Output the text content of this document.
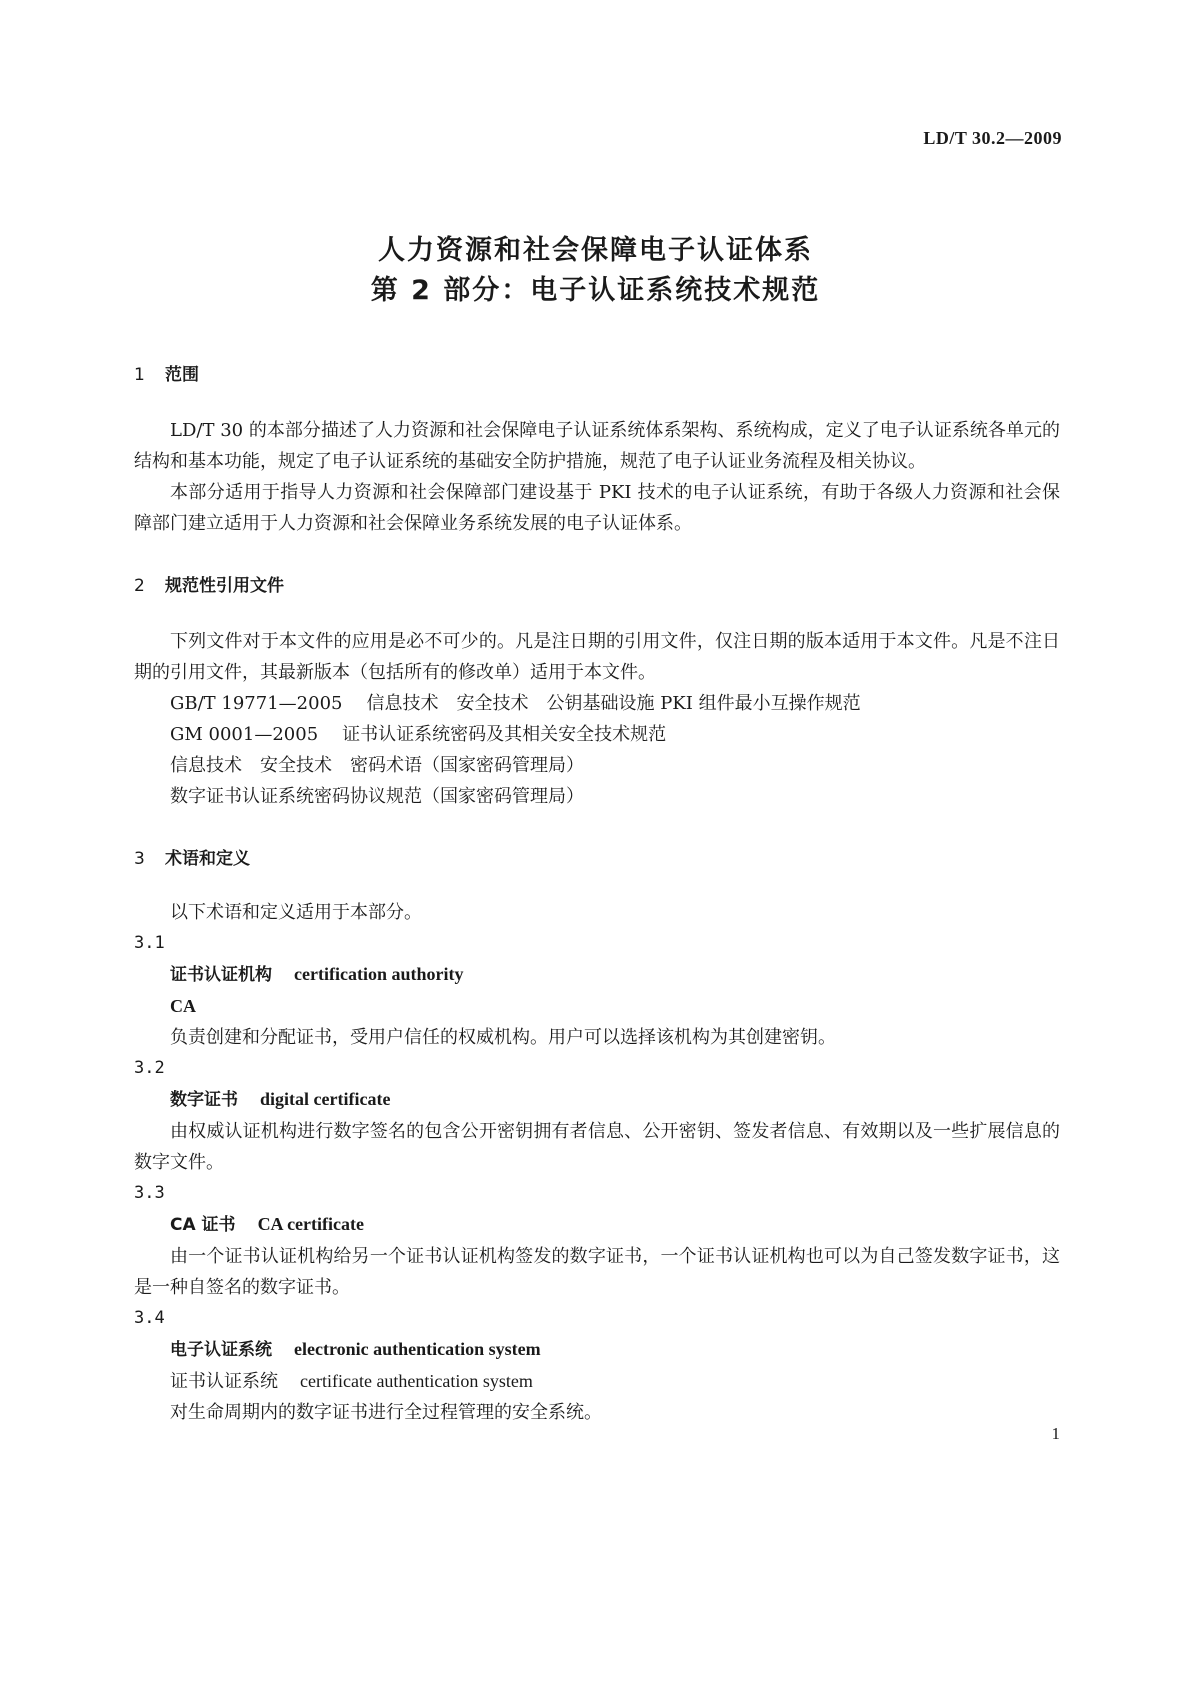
LD/T 30.2—2009
人力资源和社会保障电子认证体系
第 2 部分：电子认证系统技术规范
1 范围

LD/T 30 的本部分描述了人力资源和社会保障电子认证系统体系架构、系统构成，定义了电子认证系统各单元的结构和基本功能，规定了电子认证系统的基础安全防护措施，规范了电子认证业务流程及相关协议。

本部分适用于指导人力资源和社会保障部门建设基于 PKI 技术的电子认证系统，有助于各级人力资源和社会保障部门建立适用于人力资源和社会保障业务系统发展的电子认证体系。

2 规范性引用文件

下列文件对于本文件的应用是必不可少的。凡是注日期的引用文件，仅注日期的版本适用于本文件。凡是不注日期的引用文件，其最新版本（包括所有的修改单）适用于本文件。

GB/T 19771—2005 信息技术　安全技术　公钥基础设施 PKI 组件最小互操作规范

GM 0001—2005 证书认证系统密码及其相关安全技术规范

信息技术　安全技术　密码术语（国家密码管理局）

数字证书认证系统密码协议规范（国家密码管理局）

3 术语和定义

以下术语和定义适用于本部分。

3.1

证书认证机构 certification authority

CA

负责创建和分配证书，受用户信任的权威机构。用户可以选择该机构为其创建密钥。

3.2

数字证书 digital certificate

由权威认证机构进行数字签名的包含公开密钥拥有者信息、公开密钥、签发者信息、有效期以及一些扩展信息的数字文件。

3.3

CA 证书 CA certificate

由一个证书认证机构给另一个证书认证机构签发的数字证书，一个证书认证机构也可以为自己签发数字证书，这是一种自签名的数字证书。

3.4

电子认证系统 electronic authentication system

证书认证系统 certificate authentication system

对生命周期内的数字证书进行全过程管理的安全系统。

1
